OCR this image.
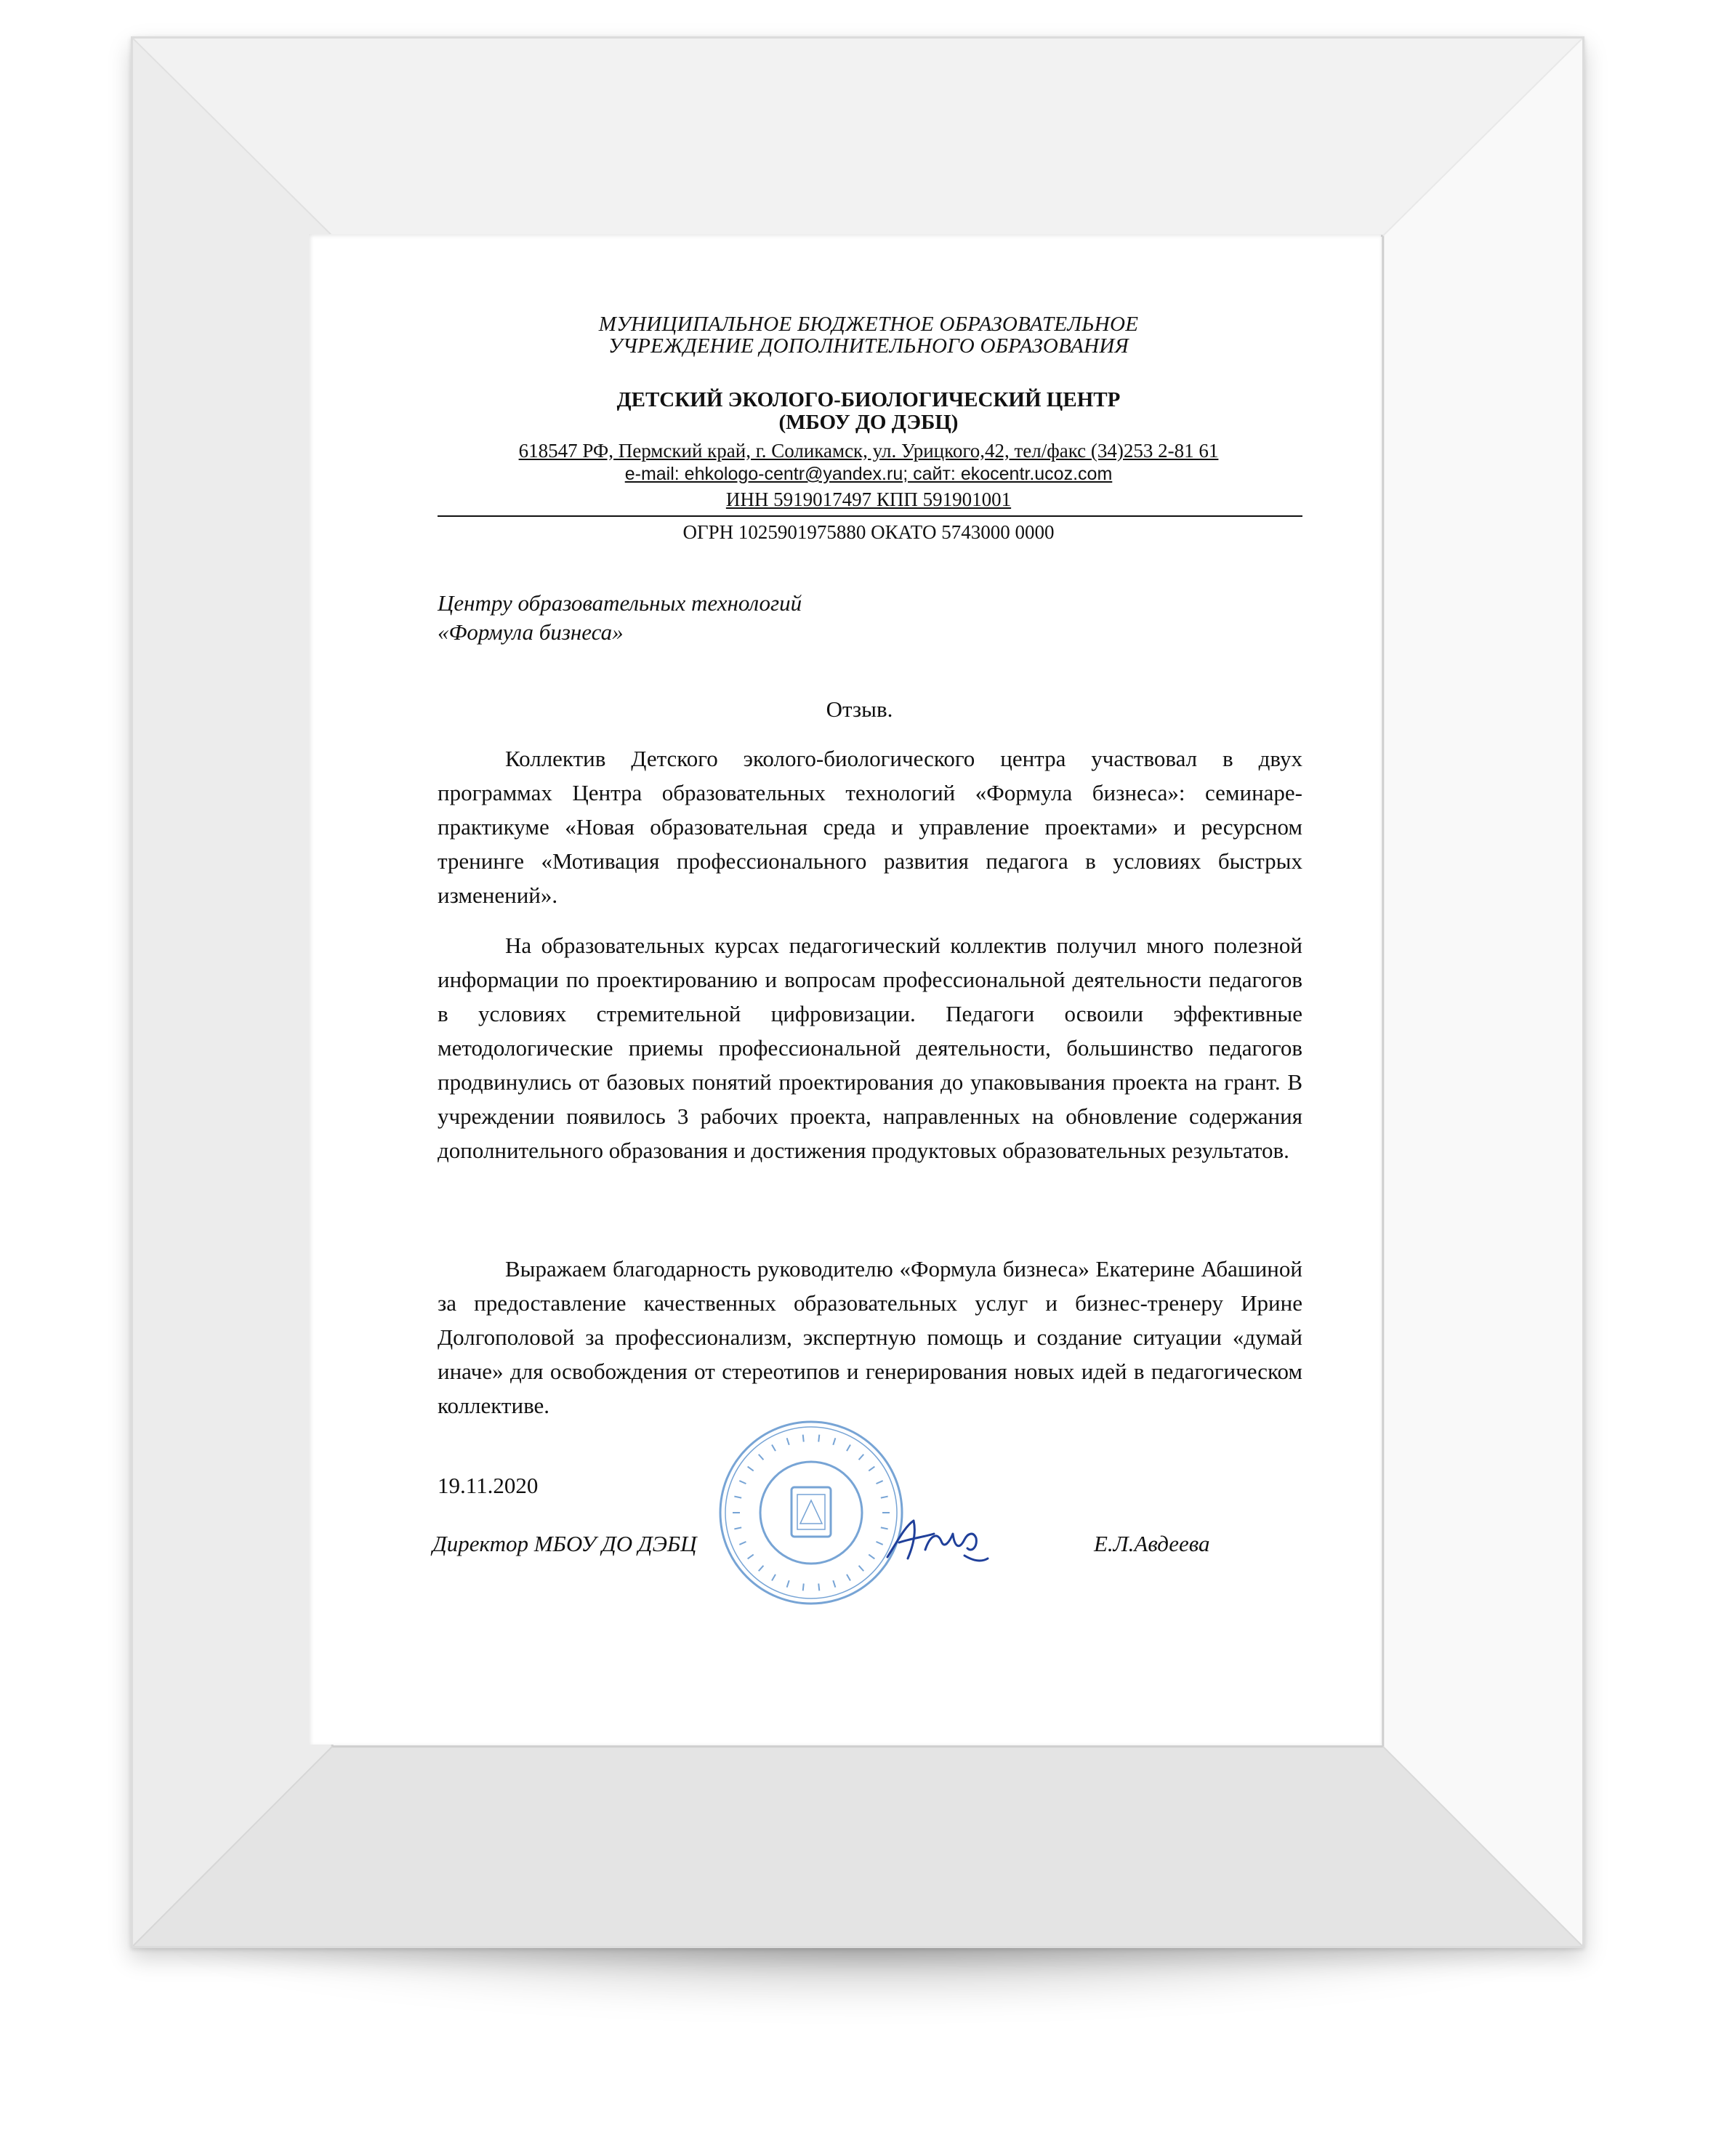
МУНИЦИПАЛЬНОЕ БЮДЖЕТНОЕ ОБРАЗОВАТЕЛЬНОЕ
УЧРЕЖДЕНИЕ ДОПОЛНИТЕЛЬНОГО ОБРАЗОВАНИЯ
ДЕТСКИЙ ЭКОЛОГО-БИОЛОГИЧЕСКИЙ ЦЕНТР
(МБОУ ДО ДЭБЦ)
618547 РФ, Пермский край, г. Соликамск, ул. Урицкого,42, тел/факс (34)253 2-81 61
e-mail: ehkologo-centr@yandex.ru; сайт: ekocentr.ucoz.com
ИНН 5919017497 КПП 591901001
ОГРН 1025901975880 ОКАТО 5743000 0000
Центру образовательных технологий
«Формула бизнеса»
Отзыв.

Коллектив Детского эколого-биологического центра участвовал в двух программах Центра образовательных технологий «Формула бизнеса»: семинаре-практикуме «Новая образовательная среда и управление проектами» и ресурсном тренинге «Мотивация профессионального развития педагога в условиях быстрых изменений».

На образовательных курсах педагогический коллектив получил много полезной информации по проектированию и вопросам профессиональной деятельности педагогов в условиях стремительной цифровизации. Педагоги освоили эффективные методологические приемы профессиональной деятельности, большинство педагогов продвинулись от базовых понятий проектирования до упаковывания проекта на грант. В учреждении появилось 3 рабочих проекта, направленных на обновление содержания дополнительного образования и достижения продуктовых образовательных результатов.

Выражаем благодарность руководителю «Формула бизнеса» Екатерине Абашиной за предоставление качественных образовательных услуг и бизнес-тренеру Ирине Долгополовой за профессионализм, экспертную помощь и создание ситуации «думай иначе» для освобождения от стереотипов и генерирования новых идей в педагогическом коллективе.

19.11.2020
Директор МБОУ ДО ДЭБЦ	Е.Л.Авдеева
